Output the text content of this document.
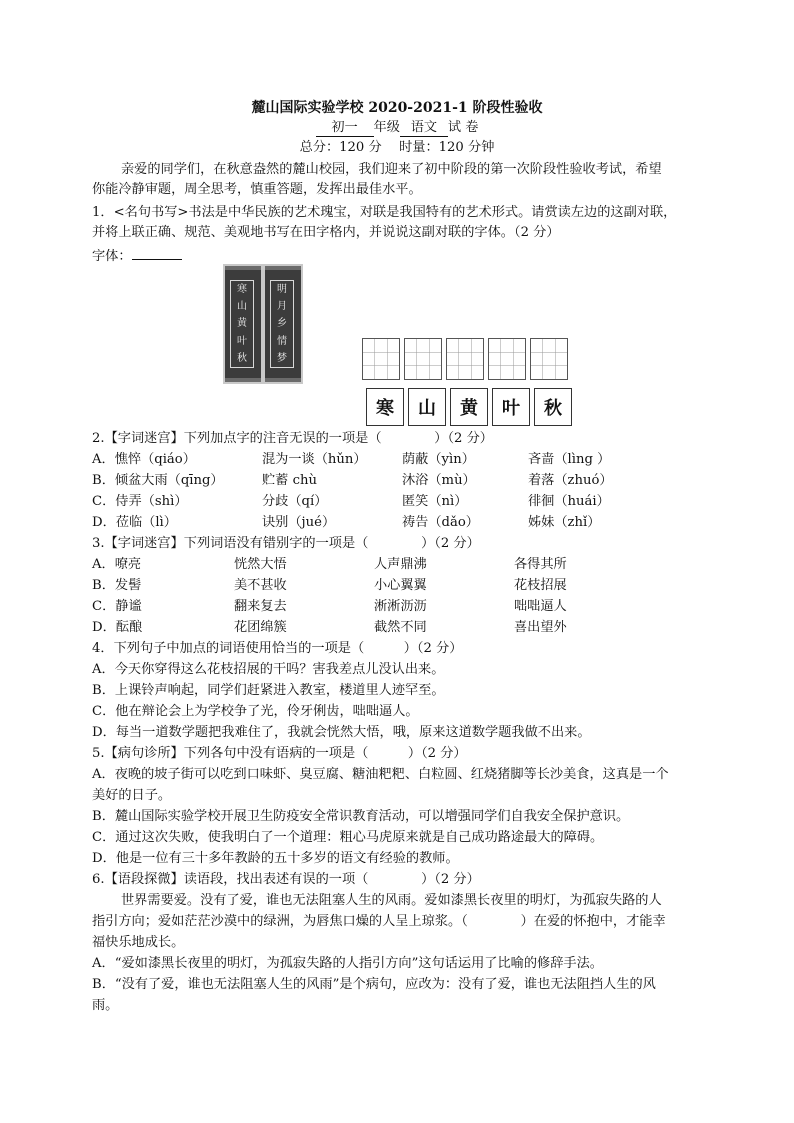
麓山国际实验学校 2020-2021-1 阶段性验收
初一 年级 语文 试 卷
总分：120 分　 时量：120 分钟
亲爱的同学们，在秋意盎然的麓山校园，我们迎来了初中阶段的第一次阶段性验收考试，希望
你能冷静审题，周全思考，慎重答题，发挥出最佳水平。
1．<名句书写>书法是中华民族的艺术瑰宝，对联是我国特有的艺术形式。请赏读左边的这副对联，
并将上联正确、规范、美观地书写在田字格内，并说说这副对联的字体。（2 分）
字体：
寒
山
黄
叶
秋
明
月
乡
情
梦
寒	山	黄	叶	秋
2.【字词迷宫】下列加点字的注音无误的一项是（　　　　）（2 分）
A．憔悴（qiáo）	混为一谈（hǔn）	荫蔽（yìn）	吝啬（lìng ）
B．倾盆大雨（qīng）	贮蓄 chù	沐浴（mù）	着落（zhuó）
C．侍弄（shì）	分歧（qí）	匿笑（nì）	徘徊（huái）
D．莅临（lì）	诀别（jué）	祷告（dǎo）	姊妹（zhǐ）
3.【字词迷宫】下列词语没有错别字的一项是（　　　　）（2 分）
A．嘹亮	恍然大悟	人声鼎沸	各得其所
B．发髻	美不甚收	小心翼翼	花枝招展
C．静谧	翻来复去	淅淅沥沥	咄咄逼人
D．酝酿	花团绵簇	截然不同	喜出望外
4．下列句子中加点的词语使用恰当的一项是（　　　）（2 分）
A．今天你穿得这么花枝招展的干吗？害我差点儿没认出来。
B．上课铃声响起，同学们赶紧进入教室，楼道里人迹罕至。
C．他在辩论会上为学校争了光，伶牙俐齿，咄咄逼人。
D．每当一道数学题把我难住了，我就会恍然大悟，哦，原来这道数学题我做不出来。
5.【病句诊所】下列各句中没有语病的一项是（　　　）（2 分）
A．夜晚的坡子街可以吃到口味虾、臭豆腐、糖油粑粑、白粒圆、红烧猪脚等长沙美食，这真是一个
美好的日子。
B．麓山国际实验学校开展卫生防疫安全常识教育活动，可以增强同学们自我安全保护意识。
C．通过这次失败，使我明白了一个道理：粗心马虎原来就是自己成功路途最大的障碍。
D．他是一位有三十多年教龄的五十多岁的语文有经验的教师。
6.【语段探微】读语段，找出表述有误的一项（　　　　）（2 分）
世界需要爱。没有了爱，谁也无法阻塞人生的风雨。爱如漆黑长夜里的明灯，为孤寂失路的人
指引方向；爱如茫茫沙漠中的绿洲，为唇焦口燥的人呈上琼浆。（　　　　）在爱的怀抱中，才能幸
福快乐地成长。
A．“爱如漆黑长夜里的明灯，为孤寂失路的人指引方向”这句话运用了比喻的修辞手法。
B．“没有了爱，谁也无法阻塞人生的风雨”是个病句，应改为：没有了爱，谁也无法阻挡人生的风
雨。
